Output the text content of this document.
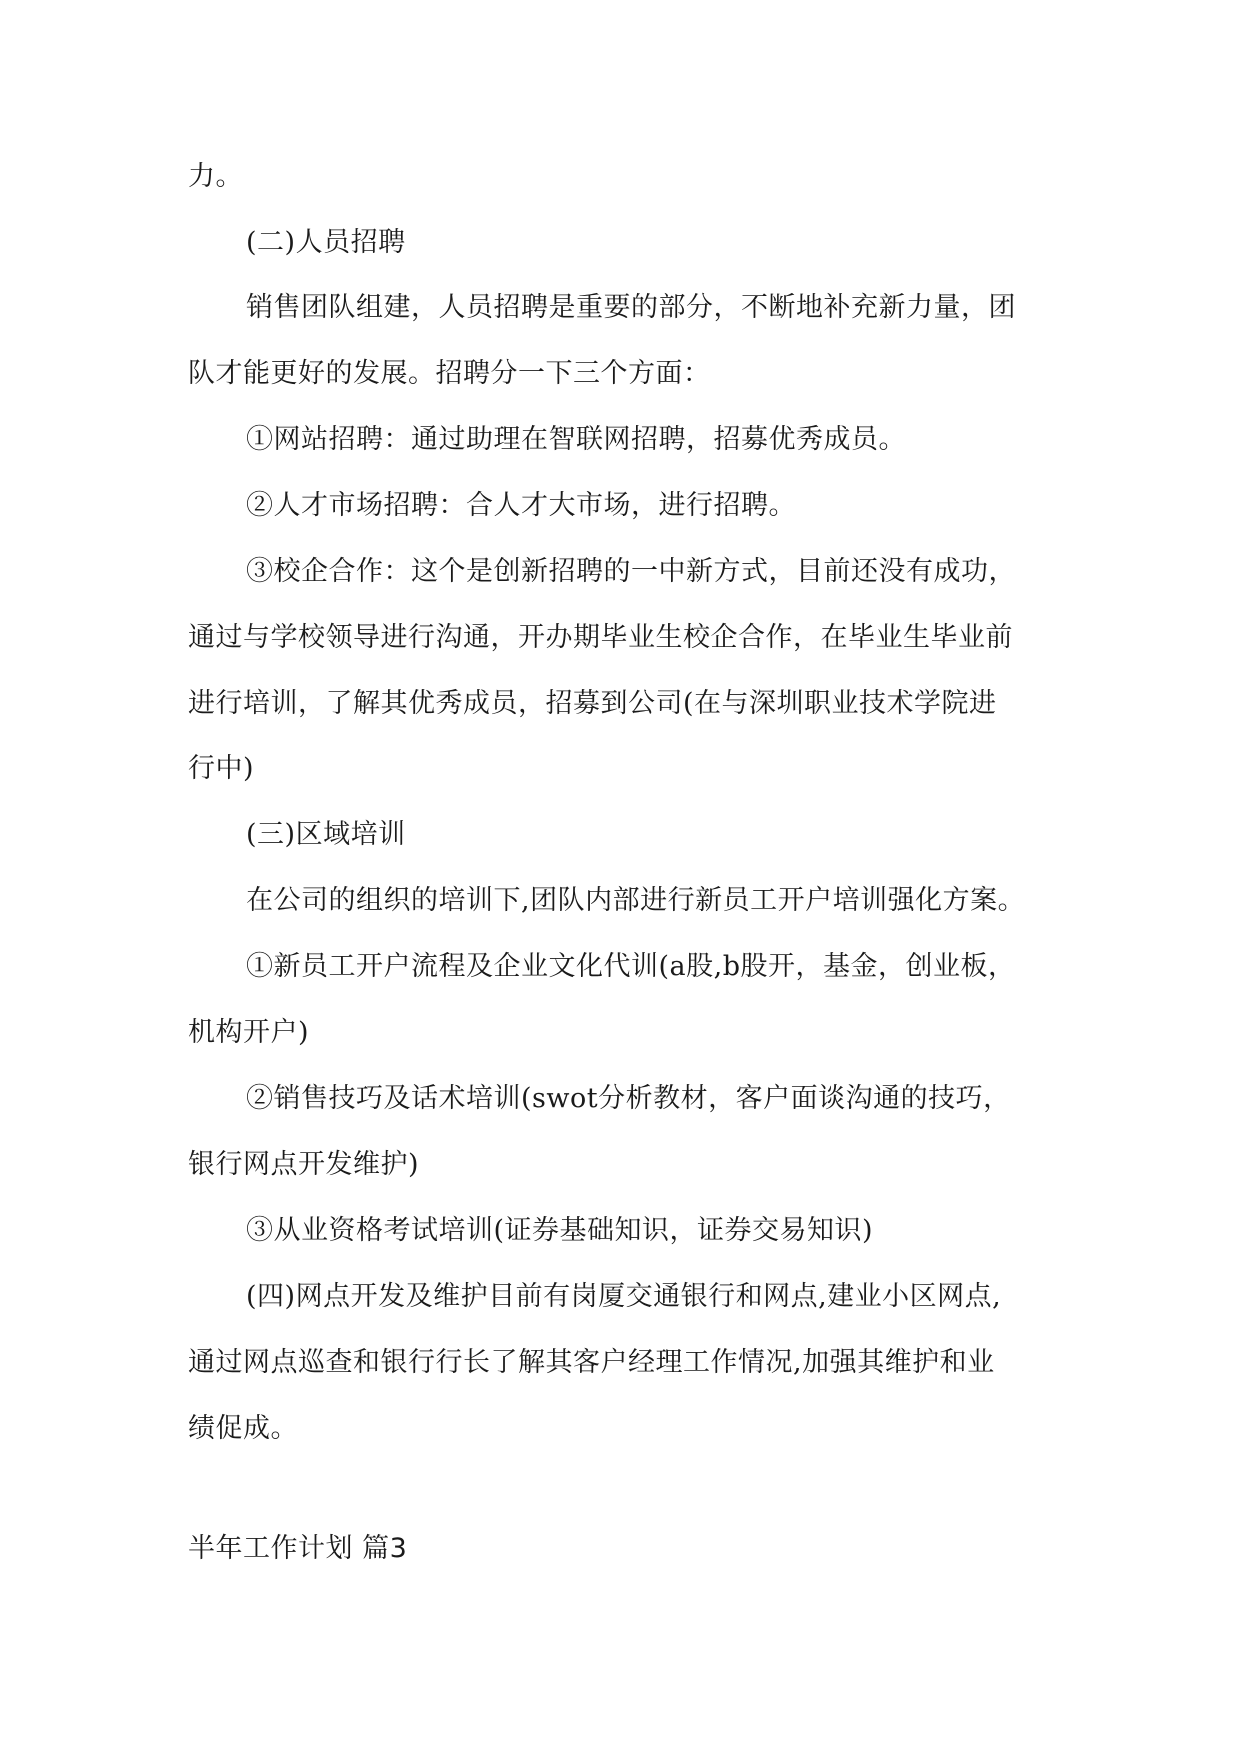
力。
(二)人员招聘
销售团队组建，人员招聘是重要的部分，不断地补充新力量，团
队才能更好的发展。招聘分一下三个方面：
①网站招聘：通过助理在智联网招聘，招募优秀成员。
②人才市场招聘：合人才大市场，进行招聘。
③校企合作：这个是创新招聘的一中新方式，目前还没有成功，
通过与学校领导进行沟通，开办期毕业生校企合作，在毕业生毕业前
进行培训，了解其优秀成员，招募到公司(在与深圳职业技术学院进
行中)
(三)区域培训
在公司的组织的培训下,团队内部进行新员工开户培训强化方案。
①新员工开户流程及企业文化代训(a股,b股开，基金，创业板，
机构开户)
②销售技巧及话术培训(swot分析教材，客户面谈沟通的技巧，
银行网点开发维护)
③从业资格考试培训(证券基础知识，证券交易知识)
(四)网点开发及维护目前有岗厦交通银行和网点,建业小区网点,
通过网点巡查和银行行长了解其客户经理工作情况,加强其维护和业
绩促成。
半年工作计划 篇3
